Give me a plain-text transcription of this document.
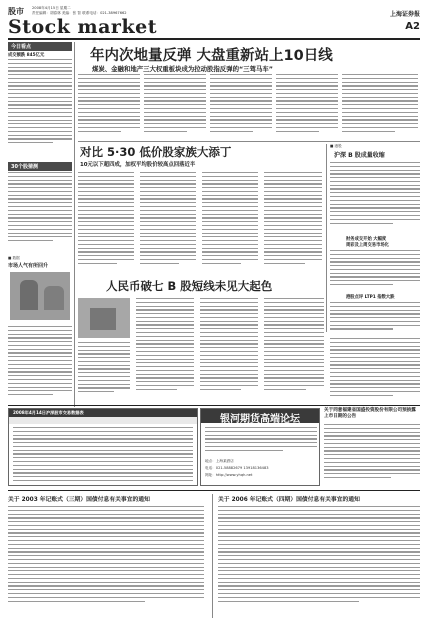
股市 2008年4月15日 星期二
责任编辑：胡春林 美编：张 智 联系电话：021-38967662
Stock market
上海证券报
A2
今日看点
成交额跌 845亿元
30个股猜测
■ 数据
市场人气有所回升
年内次地量反弹 大盘重新站上10日线
煤炭、金融和地产三大权重板块成为拉动股指反弹的“三驾马车”
对比 5·30 低价股家族大添丁
10元以下超四成，加权平均股价较高点回落近半
■ 港股
沪深 B 股成量收缩
财务成交开始 大幅度
周彩及上周交易市场化
港股点评 LTP1 指数大跌
人民币破七 B 股短线未见大起色
2008年4月14日沪深股市交易数据表
银河期货高端论坛
地点：上海某酒店
电话：021-58882679 13918136483
网址：http://www.yhqh.net
关于同意福建省国盛投资股份有限公司预披露上市日期的公告
关于 2003 年记账式（三期）国债付息有关事宜的通知	关于 2006 年记账式（四期）国债付息有关事宜的通知
